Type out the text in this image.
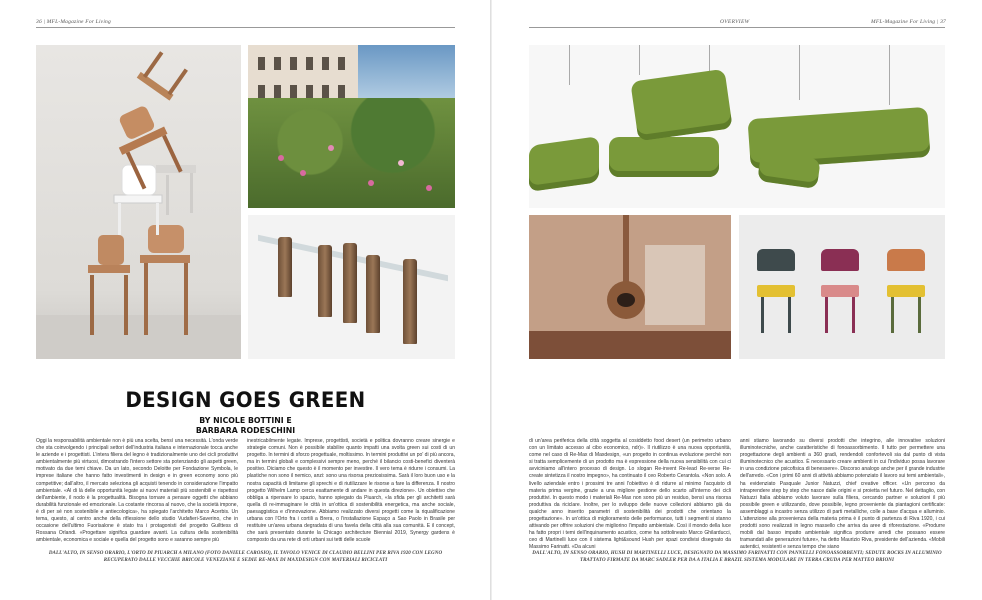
36 | MFL-Magazine For Living
DESIGN GOES GREEN
BY NICOLE BOTTINI E
BARBARA RODESCHINI
Oggi la responsabilità ambientale non è più una scelta, bensì una necessità. L'onda verde che sta coinvolgendo i principali settori dell'industria italiana e internazionale tocca anche le aziende e i progettisti. L'intera filiera del legno è tradizionalmente uno dei cicli produttivi ambientalmente più virtuosi, dimostrando l'intero settore sta potenziando gli aspetti green, motivato da due temi chiave. Da un lato, secondo Deloitte per Fondazione Symbola, le imprese italiane che hanno fatto investimenti in design e in green economy sono più competitive; dall'altro, il mercato seleziona gli acquisti tenendo in considerazione l'impatto ambientale. «Al di là delle opportunità legate ai nuovi materiali più sostenibili e rispettosi dell'ambiente, il nodo è la progettualità. Bisogna tornare a pensare oggetti che abbiano durabilità funzionale ed emozionale. La costante rincorsa al nuovo, che la società impone, è di per sé non sostenibile e antiecologica», ha spiegato l'architetto Marco Acerbis. Un tema, questo, al centro anche della riflessione dello studio Vudafieri-Saverino, che in occasione dell'ultimo Fuorisalone è stato tra i protagonisti del progetto Guilttess di Rossana Orlandi. «Progettare significa guardare avanti. La cultura della sostenibilità ambientale, economica e sociale e quella del progetto sono e saranno sempre più
inestricabilmente legate. Imprese, progettisti, società e politica dovranno creare sinergie e strategie comuni. Non è possibile stabilire quanto impatti una svolta green sui costi di un progetto. In termini di sforzo progettuale, moltissimo. In termini produttivi un po' di più ancora, ma in termini globali e complessivi sempre meno, perché il bilancio costi-benefici diventerà positivo. Diciamo che questo è il momento per investire. Il vero tema è ridurre i consumi. La plastiche non sono il nemico, anzi: sono una risorsa preziosissima. Sarà il loro buon uso e la nostra capacità di limitarne gli sprechi e di riutilizzare le risorse a fare la differenza. Il nostro progetto Wilhelm Lamp cerca esattamente di andare in questa direzione». Un obiettivo che obbliga a ripensare lo spazio, hanno spiegato da Piuarch, «la sfida per gli architetti sarà quella di re-immaginare le città in un'ottica di sostenibilità energetica, ma anche sociale, paesaggistica e d'innovazione. Abbiamo realizzato diversi progetti come la riqualificazione urbana con l'Orto fra i cortili a Brera, o l'installazione Espaço a Sao Paolo in Brasile per restituire un'area urbana degradata di una favela della città alla sua comunità. E il concept, che sarà presentato durante la Chicago architecture Biennial 2019, Synergy gardens è composto da una rete di orti urbani sui tetti delle scuole
DALL'ALTO, IN SENSO ORARIO, L'ORTO DI PIUARCH A MILANO (FOTO DANIELE CAROSIO), IL TAVOLO VENICE DI CLAUDIO BELLINI PER RIVA 1920 CON LEGNO RECUPERATO DALLE VECCHIE BRICOLE VENEZIANE E SEDIE RE-MAX DI MAXDESIGN CON MATERIALI RICICLATI
OVERVIEW	MFL-Magazine For Living | 37
di un'area periferica della città soggetta al cosiddetto food desert (un perimetro urbano con un limitato accesso al cibo economico, ndr)». Il riutilizzo è una nuova opportunità, come nel caso di Re-Max di Maxdesign, «un progetto in continua evoluzione perché non si tratta semplicemente di un prodotto ma è espressione della nuova sensibilità con cui ci avviciniamo all'intero processo di design. Lo slogan Re-invent Re-lead Re-verse Re-create sintetizza il nostro impegno», ha continuato il ceo Roberto Cerantola. «Non solo. A livello aziendale entro i prossimi tre anni l'obiettivo è di ridurre al minimo l'acquisto di materia prima vergine, grazie a una migliore gestione dello scarto all'interno dei cicli produttivi. In questo modo i materiali Re-Max non sono più un residuo, bensì una risorsa produttiva da riciclare. Inoltre, per lo sviluppo delle nuove collezioni abbiamo già da qualche anno inserito parametri di sostenibilità dei prodotti che orientano la progettazione». In un'ottica di miglioramento delle performance, tutti i segmenti si stanno attivando per offrire soluzioni che migliorino l'impatto ambientale. Così il mondo della luce ha fatto propri i temi dell'inquinamento acustico, come ha sottolineato Marco Ghilarducci, ceo di Martinelli luce con il sistema light&sound Hush per spazi condivisi disegnato da Massimo Farinatti. «Da alcuni
anni stiamo lavorando su diversi prodotti che integrino, alle innovative soluzioni illuminotecniche, anche caratteristiche di fonoassorbimento. Il tutto per permettere una progettazione degli ambienti a 360 gradi, rendendoli confortevoli sia dal punto di vista illuminotecnico che acustico. È necessario creare ambienti in cui l'individuo possa lavorare in una condizione psicofisica di benessere». Discorso analogo anche per il grande industrie dell'arredo. «Con i primi 60 anni di attività abbiamo potenziato il lavoro sui temi ambientali», ha evidenziato Pasquale Junior Natuzzi, chief creative officer. «Un percorso da intraprendere step by step che nasce dalle origini e si proietta nel futuro. Nel dettaglio, con Natuzzi Italia abbiamo voluto lavorare sulla filiera, cercando partner e soluzioni il più possibile green e utilizzando, dove possibile, legno proveniente da piantagioni certificate: assemblaggi a incastro senza utilizzo di parti metalliche, colle a base d'acqua e alluminio. L'attenzione alla provenienza della materia prima è il punto di partenza di Riva 1920, i cui prodotti sono realizzati in legno massello che arriva da aree di riforestazione. «Produrre mobili dal basso impatto ambientale significa produrre arredi che possano essere tramandati alle generazioni future», ha detto Maurizio Riva, presidente dell'azienda. «Mobili autentici, resistenti e senza tempo che siano
DALL'ALTO, IN SENSO ORARIO, HUSH DI MARTINELLI LUCE, DESIGNATO DA MASSIMO FARINATTI CON PANNELLI FONOASSORBENTI; SEDUTE ROCKS IN ALLUMINIO TRATTATO FIRMATE DA MARC SADLER PER DA A ITALIA E BRAZIL SISTEMA MODULARE IN TERRA CRUDA PER MATTEO BRIONI
